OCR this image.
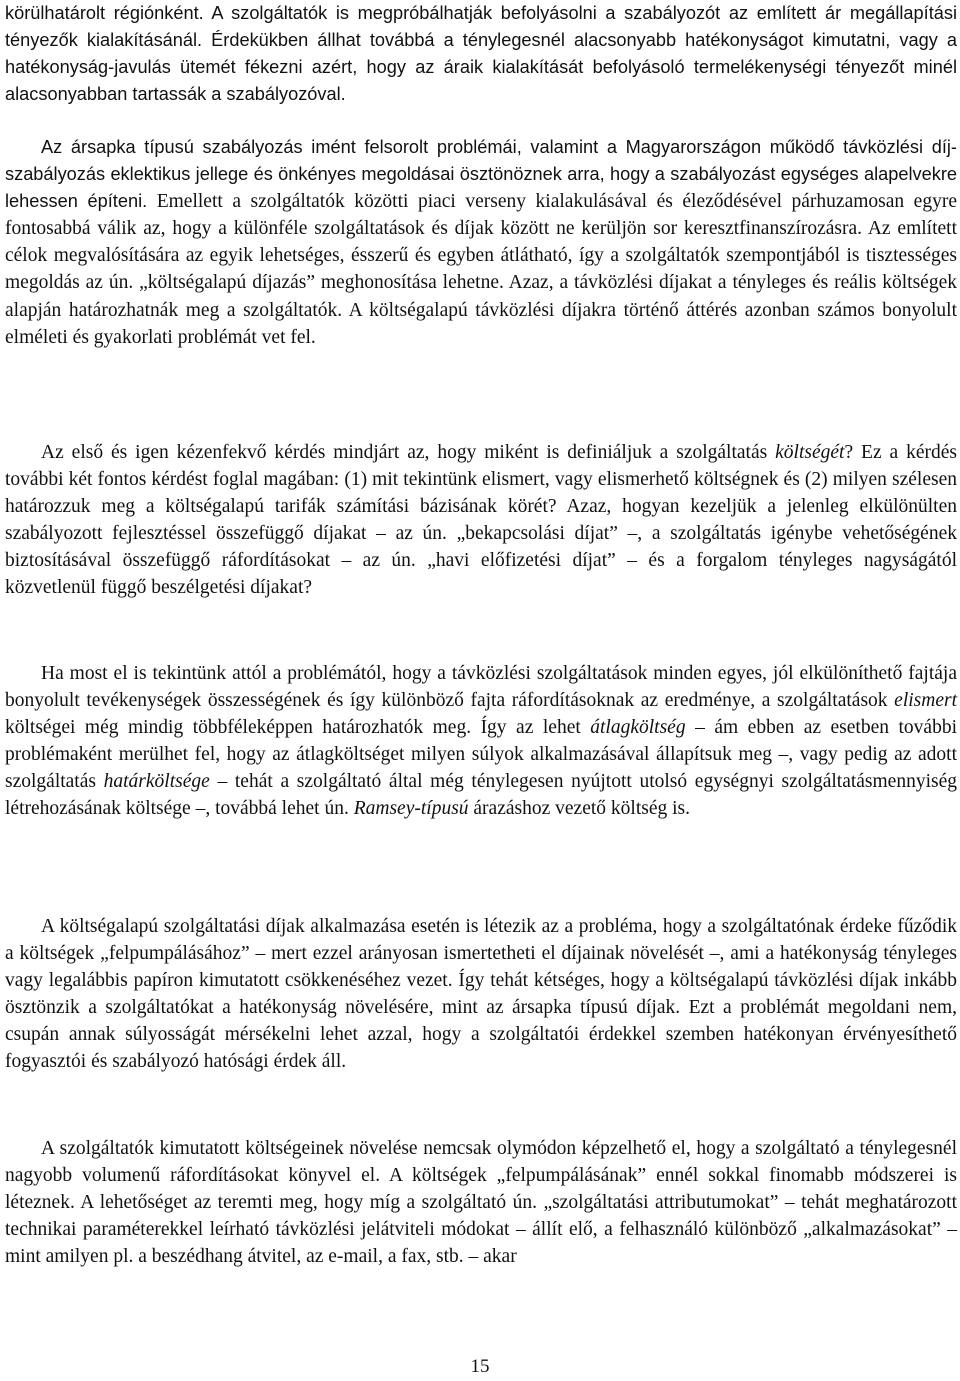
körülhatárolt régiónként. A szolgáltatók is megpróbálhatják befolyásolni a szabályozót az említett ár megállapítási tényezők kialakításánál. Érdekükben állhat továbbá a ténylegesnél alacsonyabb hatékonyságot kimutatni, vagy a hatékonyság-javulás ütemét fékezni azért, hogy az áraik kialakítását befolyásoló termelékenységi tényezőt minél alacsonyabban tartassák a szabályozóval.

Az ársapka típusú szabályozás imént felsorolt problémái, valamint a Magyarországon működő távközlési díj-szabályozás eklektikus jellege és önkényes megoldásai ösztönöznek arra, hogy a szabályozást egységes alapelvekre lehessen építeni. Emellett a szolgáltatók közötti piaci verseny kialakulásával és éleződésével párhuzamosan egyre fontosabbá válik az, hogy a különféle szolgáltatások és díjak között ne kerüljön sor keresztfinanszírozásra. Az említett célok megvalósítására az egyik lehetséges, ésszerű és egyben átlátható, így a szolgáltatók szempontjából is tisztességes megoldás az ún. „költségalapú díjazás” meghonosítása lehetne. Azaz, a távközlési díjakat a tényleges és reális költségek alapján határozhatnák meg a szolgáltatók. A költségalapú távközlési díjakra történő áttérés azonban számos bonyolult elméleti és gyakorlati problémát vet fel.

Az első és igen kézenfekvő kérdés mindjárt az, hogy miként is definiáljuk a szolgáltatás költségét? Ez a kérdés további két fontos kérdést foglal magában: (1) mit tekintünk elismert, vagy elismerhető költségnek és (2) milyen szélesen határozzuk meg a költségalapú tarifák számítási bázisának körét? Azaz, hogyan kezeljük a jelenleg elkülönülten szabályozott fejlesztéssel összefüggő díjakat – az ún. „bekapcsolási díjat” –, a szolgáltatás igénybe vehetőségének biztosításával összefüggő ráfordításokat – az ún. „havi előfizetési díjat” – és a forgalom tényleges nagyságától közvetlenül függő beszélgetési díjakat?

Ha most el is tekintünk attól a problémától, hogy a távközlési szolgáltatások minden egyes, jól elkülöníthető fajtája bonyolult tevékenységek összességének és így különböző fajta ráfordításoknak az eredménye, a szolgáltatások elismert költségei még mindig többféleképpen határozhatók meg. Így az lehet átlagköltség – ám ebben az esetben további problémaként merülhet fel, hogy az átlagköltséget milyen súlyok alkalmazásával állapítsuk meg –, vagy pedig az adott szolgáltatás határköltsége – tehát a szolgáltató által még ténylegesen nyújtott utolsó egységnyi szolgáltatásmennyiség létrehozásának költsége –, továbbá lehet ún. Ramsey-típusú árazáshoz vezető költség is.

A költségalapú szolgáltatási díjak alkalmazása esetén is létezik az a probléma, hogy a szolgáltatónak érdeke fűződik a költségek „felpumpálásához” – mert ezzel arányosan ismertetheti el díjainak növelését –, ami a hatékonyság tényleges vagy legalábbis papíron kimutatott csökkenéséhez vezet. Így tehát kétséges, hogy a költségalapú távközlési díjak inkább ösztönzik a szolgáltatókat a hatékonyság növelésére, mint az ársapka típusú díjak. Ezt a problémát megoldani nem, csupán annak súlyosságát mérsékelni lehet azzal, hogy a szolgáltatói érdekkel szemben hatékonyan érvényesíthető fogyasztói és szabályozó hatósági érdek áll.

A szolgáltatók kimutatott költségeinek növelése nemcsak olymódon képzelhető el, hogy a szolgáltató a ténylegesnél nagyobb volumenű ráfordításokat könyvel el. A költségek „felpumpálásának” ennél sokkal finomabb módszerei is léteznek. A lehetőséget az teremti meg, hogy míg a szolgáltató ún. „szolgáltatási attributumokat” – tehát meghatározott technikai paraméterekkel leírható távközlési jelátviteli módokat – állít elő, a felhasználó különböző „alkalmazásokat” – mint amilyen pl. a beszédhang átvitel, az e-mail, a fax, stb. – akar

15
